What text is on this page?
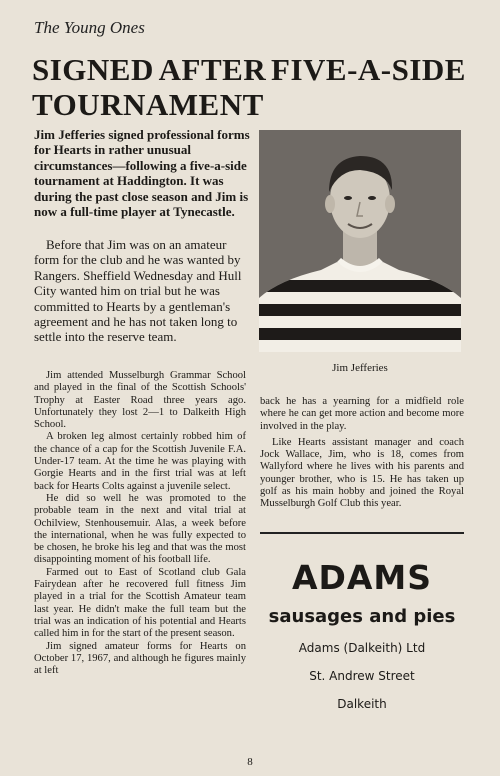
The Young Ones
SIGNED AFTER FIVE-A-SIDE
TOURNAMENT

Jim Jefferies signed professional forms for Hearts in rather unusual circumstances—following a five-a-side tournament at Haddington. It was during the past close season and Jim is now a full-time player at Tynecastle.

Before that Jim was on an amateur form for the club and he was wanted by Rangers. Sheffield Wednesday and Hull City wanted him on trial but he was committed to Hearts by a gentleman's agreement and he has not taken long to settle into the reserve team.

Jim Jefferies

Jim attended Musselburgh Grammar School and played in the final of the Scottish Schools' Trophy at Easter Road three years ago. Unfortunately they lost 2—1 to Dalkeith High School.

A broken leg almost certainly robbed him of the chance of a cap for the Scottish Juvenile F.A. Under-17 team. At the time he was playing with Gorgie Hearts and in the first trial was at left back for Hearts Colts against a juvenile select.

He did so well he was promoted to the probable team in the next and vital trial at Ochilview, Stenhousemuir. Alas, a week before the international, when he was fully expected to be chosen, he broke his leg and that was the most disappointing moment of his football life.

Farmed out to East of Scotland club Gala Fairydean after he recovered full fitness Jim played in a trial for the Scottish Amateur team last year. He didn't make the full team but the trial was an indication of his potential and Hearts called him in for the start of the present season.

Jim signed amateur forms for Hearts on October 17, 1967, and although he figures mainly at left

back he has a yearning for a midfield role where he can get more action and become more involved in the play.

Like Hearts assistant manager and coach Jock Wallace, Jim, who is 18, comes from Wallyford where he lives with his parents and younger brother, who is 15. He has taken up golf as his main hobby and joined the Royal Musselburgh Golf Club this year.

ADAMS
sausages and pies
Adams (Dalkeith) Ltd
St. Andrew Street
Dalkeith
8
